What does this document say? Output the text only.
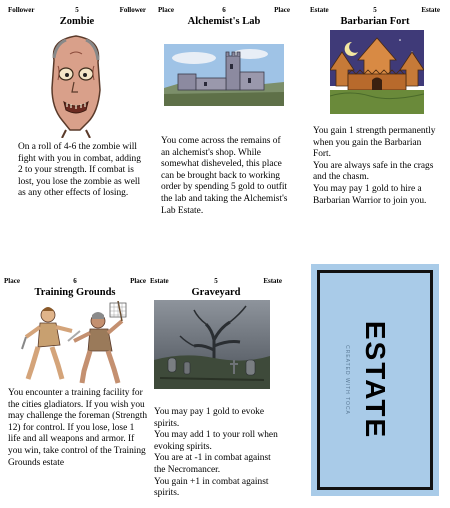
Follower	5	Follower
Zombie
On a roll of 4-6 the zombie will fight with you in combat, adding 2 to your strength. If combat is lost, you lose the zombie as well as any other effects of losing.
Place	6	Place
Alchemist's Lab
You come across the remains of an alchemist's shop. While somewhat disheveled, this place can be brought back to working order by spending 5 gold to outfit the lab and taking the Alchemist's Lab Estate.
Estate	5	Estate
Barbarian Fort
You gain 1 strength permanently when you gain the Barbarian Fort.
You are always safe in the crags and the chasm.
You may pay 1 gold to hire a Barbarian Warrior to join you.
Place	6	Place
Training Grounds
You encounter a training facility for the cities gladiators. If you wish you may challenge the foreman (Strength 12) for control. If you lose, lose 1 life and all weapons and armor. If you win, take control of the Training Grounds estate
Estate	5	Estate
Graveyard
You may pay 1 gold to evoke spirits.
You may add 1 to your roll when evoking spirits.
You are at -1 in combat against the Necromancer.
You gain +1 in combat against spirits.
CREATED WITH TOCA ESTATE
